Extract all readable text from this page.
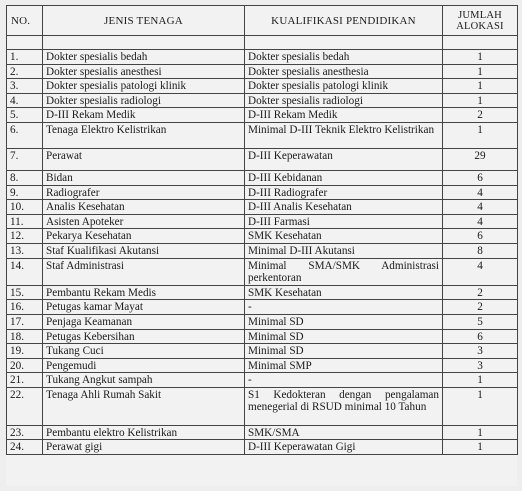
NO.	JENIS TENAGA	KUALIFIKASI PENDIDIKAN	JUMLAH ALOKASI

1.	Dokter spesialis bedah	Dokter spesialis bedah	1
2.	Dokter spesialis anesthesi	Dokter spesialis anesthesia	1
3.	Dokter spesialis patologi klinik	Dokter spesialis patologi klinik	1
4.	Dokter spesialis radiologi	Dokter spesialis radiologi	1
5.	D-III Rekam Medik	D-III Rekam Medik	2
6.	Tenaga Elektro Kelistrikan	Minimal D-III Teknik Elektro Kelistrikan	1
7.	Perawat	D-III Keperawatan	29
8.	Bidan	D-III Kebidanan	6
9.	Radiografer	D-III Radiografer	4
10.	Analis Kesehatan	D-III Analis Kesehatan	4
11.	Asisten Apoteker	D-III Farmasi	4
12.	Pekarya Kesehatan	SMK Kesehatan	6
13.	Staf Kualifikasi Akutansi	Minimal D-III Akutansi	8
14.	Staf Administrasi	Minimal SMA/SMK Administrasi perkentoran	4
15.	Pembantu Rekam Medis	SMK Kesehatan	2
16.	Petugas kamar Mayat	-	2
17.	Penjaga Keamanan	Minimal SD	5
18.	Petugas Kebersihan	Minimal SD	6
19.	Tukang Cuci	Minimal SD	3
20.	Pengemudi	Minimal SMP	3
21.	Tukang Angkut sampah	-	1
22.	Tenaga Ahli Rumah Sakit	S1 Kedokteran dengan pengalaman menegerial di RSUD minimal 10 Tahun	1
23.	Pembantu elektro Kelistrikan	SMK/SMA	1
24.	Perawat gigi	D-III Keperawatan Gigi	1
